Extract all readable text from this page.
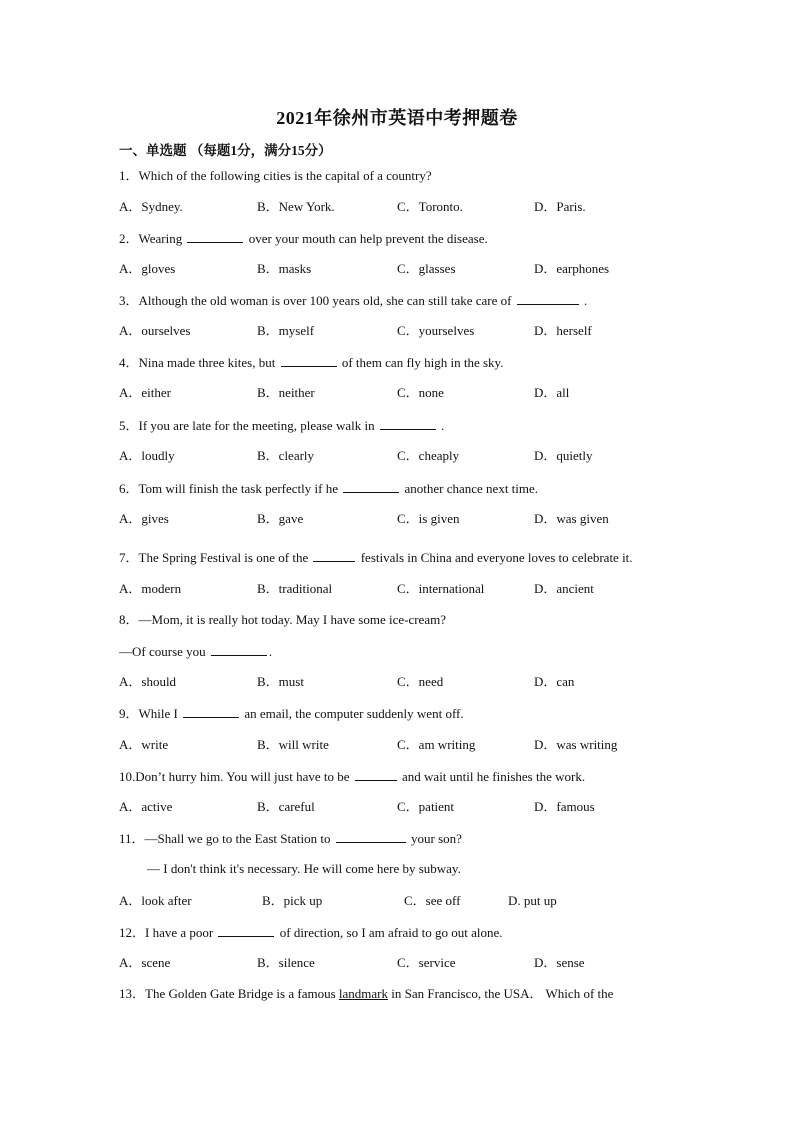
2021年徐州市英语中考押题卷
一、单选题 （每题1分，满分15分）
1．Which of the following cities is the capital of a country?
A．Sydney.	B．New York.	C．Toronto.	D．Paris.
2．Wearing	over your mouth can help prevent the disease.
A．gloves	B．masks	C．glasses	D．earphones
3．Although the old woman is over 100 years old, she can still take care of	.
A．ourselves	B．myself	C．yourselves	D．herself
4．Nina made three kites, but	of them can fly high in the sky.
A．either	B．neither	C．none	D．all
5．If you are late for the meeting, please walk in	.
A．loudly	B．clearly	C．cheaply	D．quietly
6．Tom will finish the task perfectly if he	another chance next time.
A．gives	B．gave	C．is given	D．was given
7．The Spring Festival is one of the	festivals in China and everyone loves to celebrate it.
A．modern	B．traditional	C．international	D．ancient
8．—Mom, it is really hot today. May I have some ice-cream?
—Of course you	.
A．should	B．must	C．need	D．can
9．While I	an email, the computer suddenly went off.
A．write	B．will write	C．am writing	D．was writing
10.Don’t hurry him. You will just have to be	and wait until he finishes the work.
A．active	B．careful	C．patient	D．famous
11．—Shall we go to the East Station to	your son?
— I don't think it's necessary. He will come here by subway.
A．look after	B．pick up	C．see off	D. put up
12．I have a poor	of direction, so I am afraid to go out alone.
A．scene	B．silence	C．service	D．sense
13．The Golden Gate Bridge is a famous landmark in San Francisco, the USA． Which of the
